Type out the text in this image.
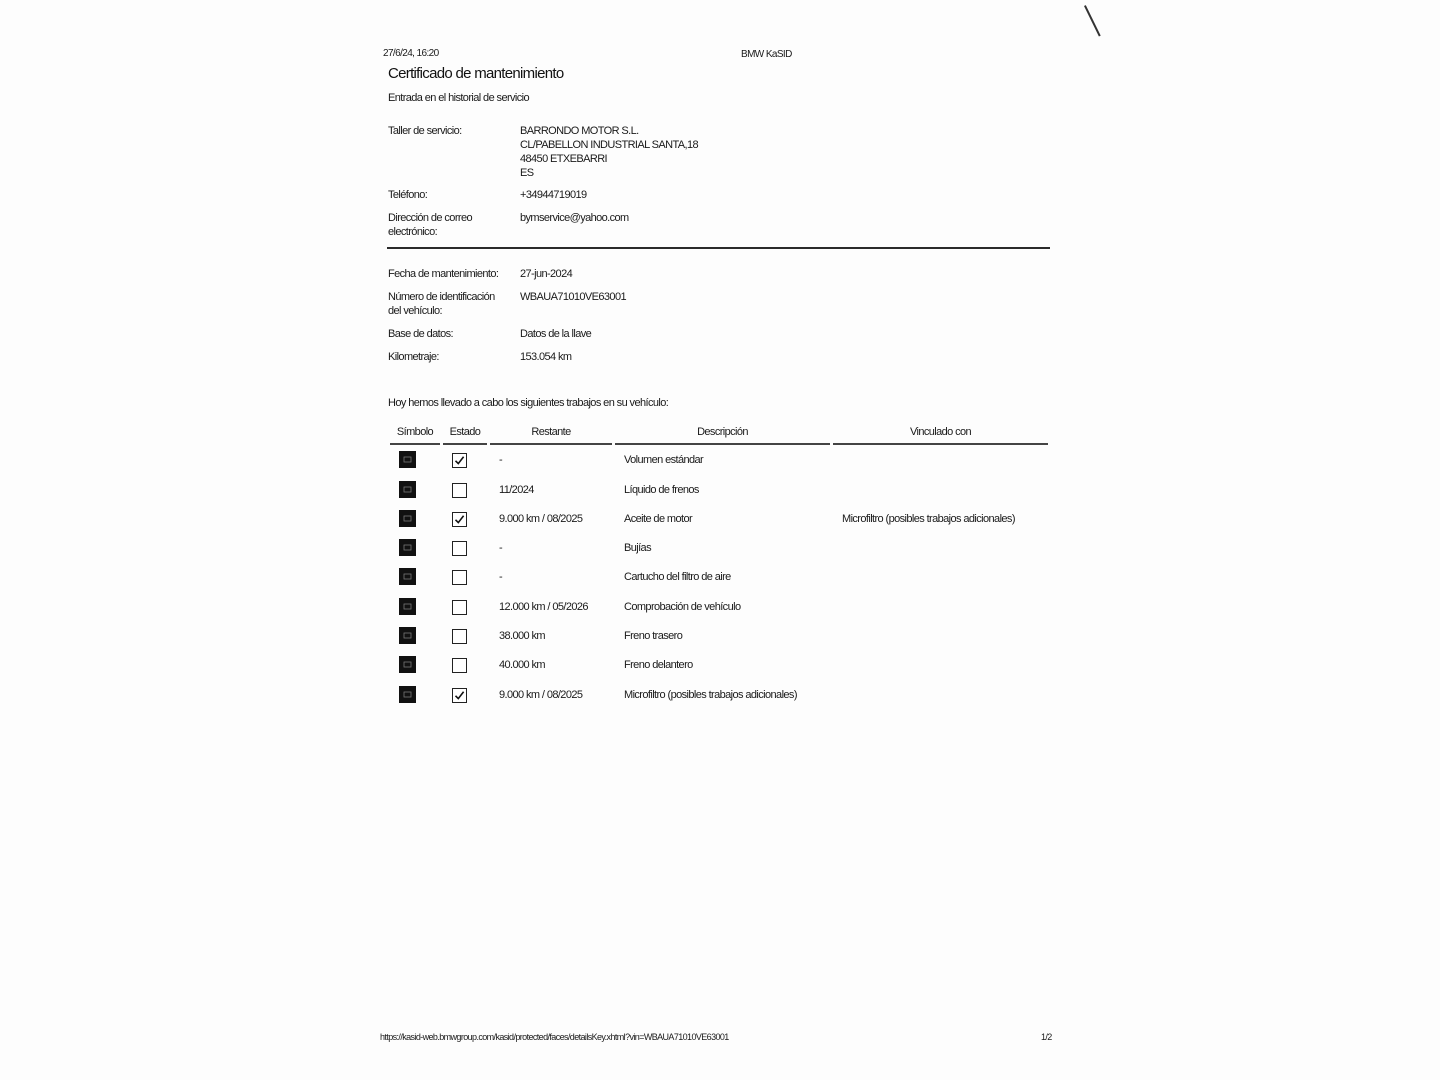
27/6/24, 16:20	BMW KaSID
Certificado de mantenimiento
Entrada en el historial de servicio
Taller de servicio:	BARRONDO MOTOR S.L.
CL/PABELLON INDUSTRIAL SANTA,18
48450 ETXEBARRI
ES
Teléfono:	+34944719019
Dirección de correo
electrónico:
bymservice@yahoo.com
Fecha de mantenimiento: 27-jun-2024
Número de identificación
del vehículo:
WBAUA71010VE63001
Base de datos:	Datos de la llave
Kilometraje:	153.054 km
Hoy hemos llevado a cabo los siguientes trabajos en su vehículo:
Símbolo	Estado	Restante	Descripción	Vinculado con
-	Volumen estándar
11/2024	Líquido de frenos
9.000 km / 08/2025	Aceite de motor	Microfiltro (posibles trabajos adicionales)
-	Bujías
-	Cartucho del filtro de aire
12.000 km / 05/2026	Comprobación de vehículo
38.000 km	Freno trasero
40.000 km	Freno delantero
9.000 km / 08/2025	Microfiltro (posibles trabajos adicionales)
https://kasid-web.bmwgroup.com/kasid/protected/faces/detailsKey.xhtml?vin=WBAUA71010VE63001	1/2
